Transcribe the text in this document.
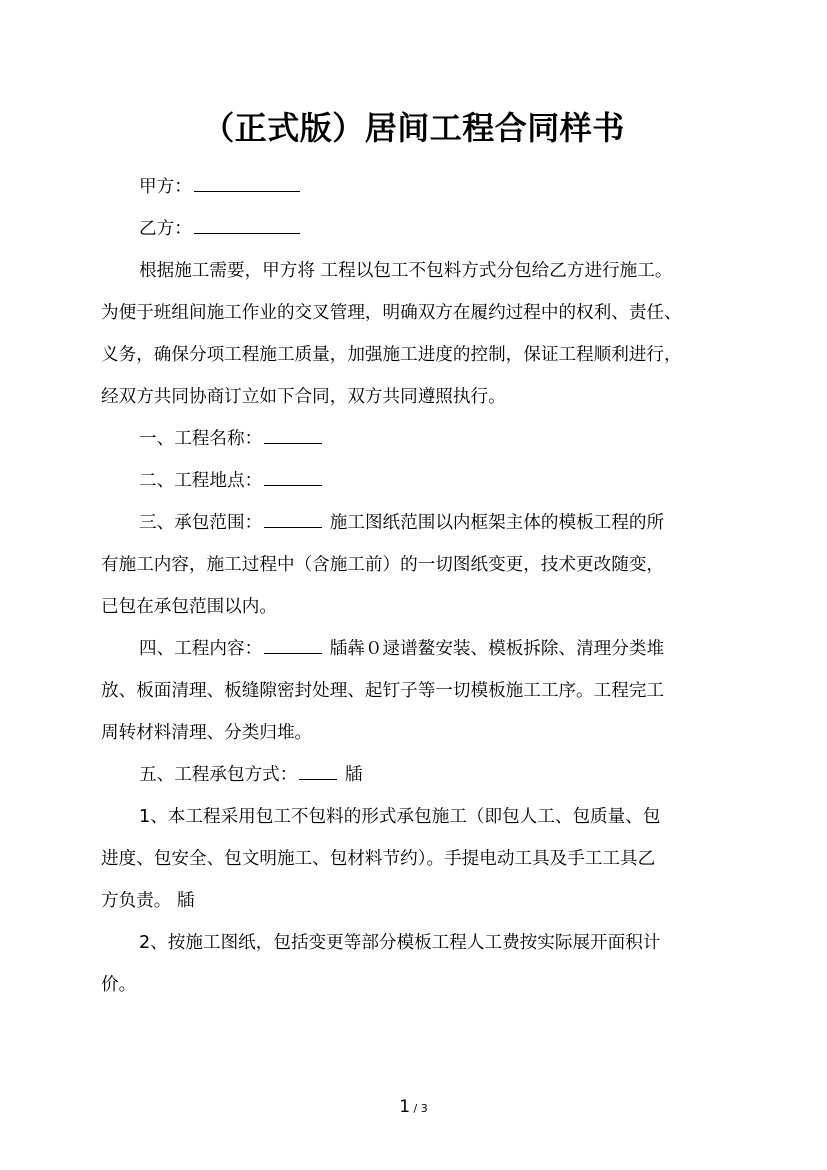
（正式版）居间工程合同样书
甲方：
乙方：
根据施工需要，甲方将 工程以包工不包料方式分包给乙方进行施工。
为便于班组间施工作业的交叉管理，明确双方在履约过程中的权利、责任、
义务，确保分项工程施工质量，加强施工进度的控制，保证工程顺利进行，
经双方共同协商订立如下合同，双方共同遵照执行。
一、工程名称：
二、工程地点：
三、承包范围：	施工图纸范围以内框架主体的模板工程的所
有施工内容，施工过程中（含施工前）的一切图纸变更，技术更改随变，
已包在承包范围以内。
四、工程内容：	牐犇０逯谱鳌安装、模板拆除、清理分类堆
放、板面清理、板缝隙密封处理、起钉子等一切模板施工工序。工程完工
周转材料清理、分类归堆。
五、工程承包方式：	牐
1、本工程采用包工不包料的形式承包施工（即包人工、包质量、包
进度、包安全、包文明施工、包材料节约）。手提电动工具及手工工具乙
方负责。 牐
2、按施工图纸，包括变更等部分模板工程人工费按实际展开面积计
价。
1 / 3
